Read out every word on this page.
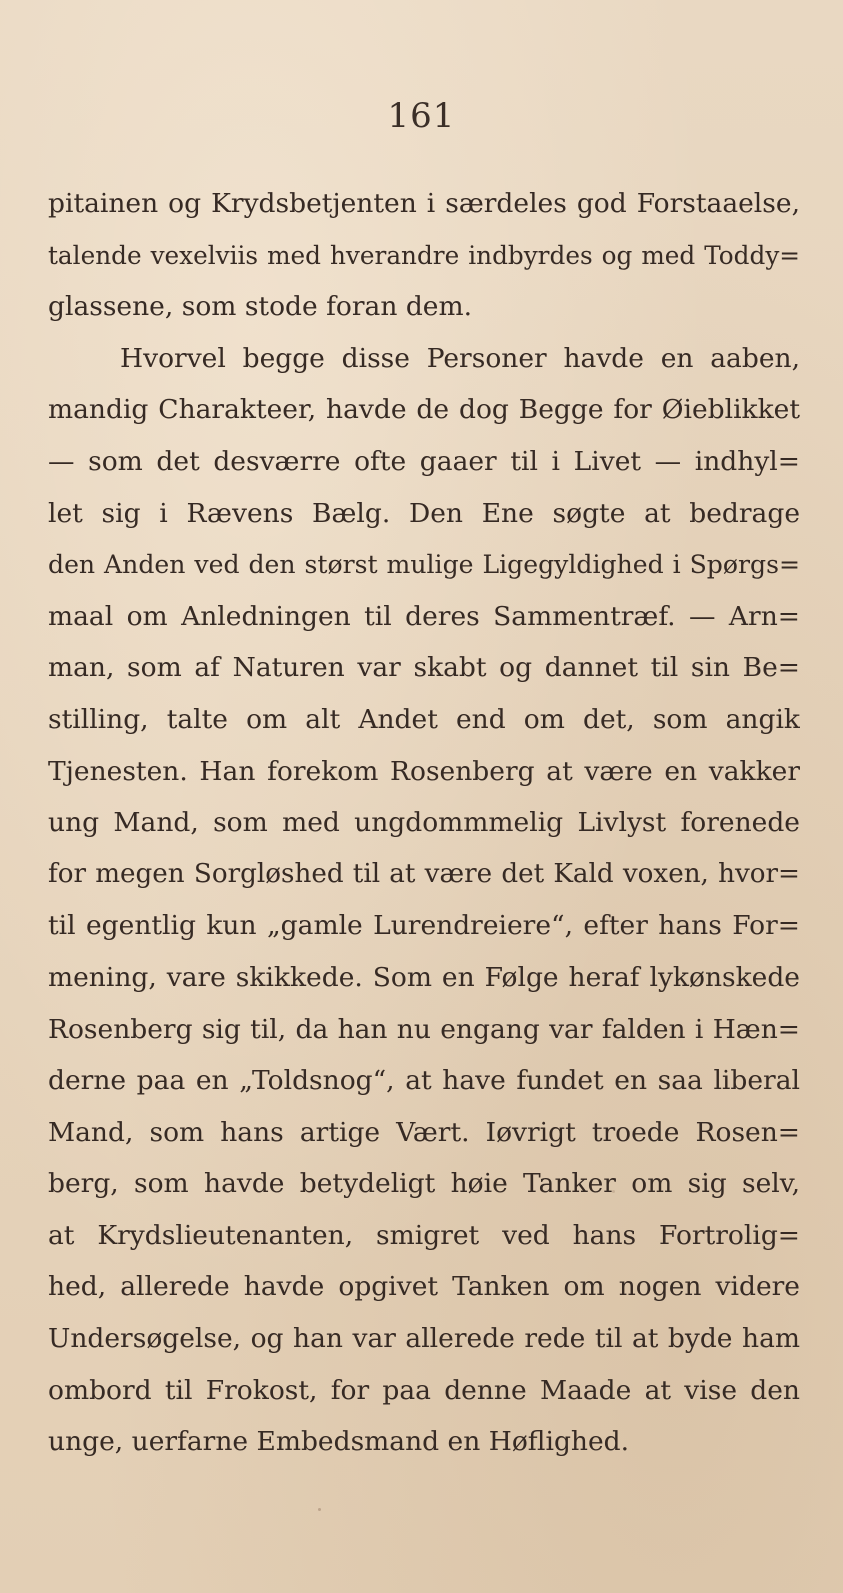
161
pitainen og Krydsbetjenten i særdeles god Forstaaelse,
talende vexelviis med hverandre indbyrdes og med Toddy=
glassene, som stode foran dem.
Hvorvel begge disse Personer havde en aaben,
mandig Charakteer, havde de dog Begge for Øieblikket
— som det desværre ofte gaaer til i Livet — indhyl=
let sig i Rævens Bælg. Den Ene søgte at bedrage
den Anden ved den størst mulige Ligegyldighed i Spørgs=
maal om Anledningen til deres Sammentræf. — Arn=
man, som af Naturen var skabt og dannet til sin Be=
stilling, talte om alt Andet end om det, som angik
Tjenesten. Han forekom Rosenberg at være en vakker
ung Mand, som med ungdommmelig Livlyst forenede
for megen Sorgløshed til at være det Kald voxen, hvor=
til egentlig kun „gamle Lurendreiere“, efter hans For=
mening, vare skikkede. Som en Følge heraf lykønskede
Rosenberg sig til, da han nu engang var falden i Hæn=
derne paa en „Toldsnog“, at have fundet en saa liberal
Mand, som hans artige Vært. Iøvrigt troede Rosen=
berg, som havde betydeligt høie Tanker om sig selv,
at Krydslieutenanten, smigret ved hans Fortrolig=
hed, allerede havde opgivet Tanken om nogen videre
Undersøgelse, og han var allerede rede til at byde ham
ombord til Frokost, for paa denne Maade at vise den
unge, uerfarne Embedsmand en Høflighed.
